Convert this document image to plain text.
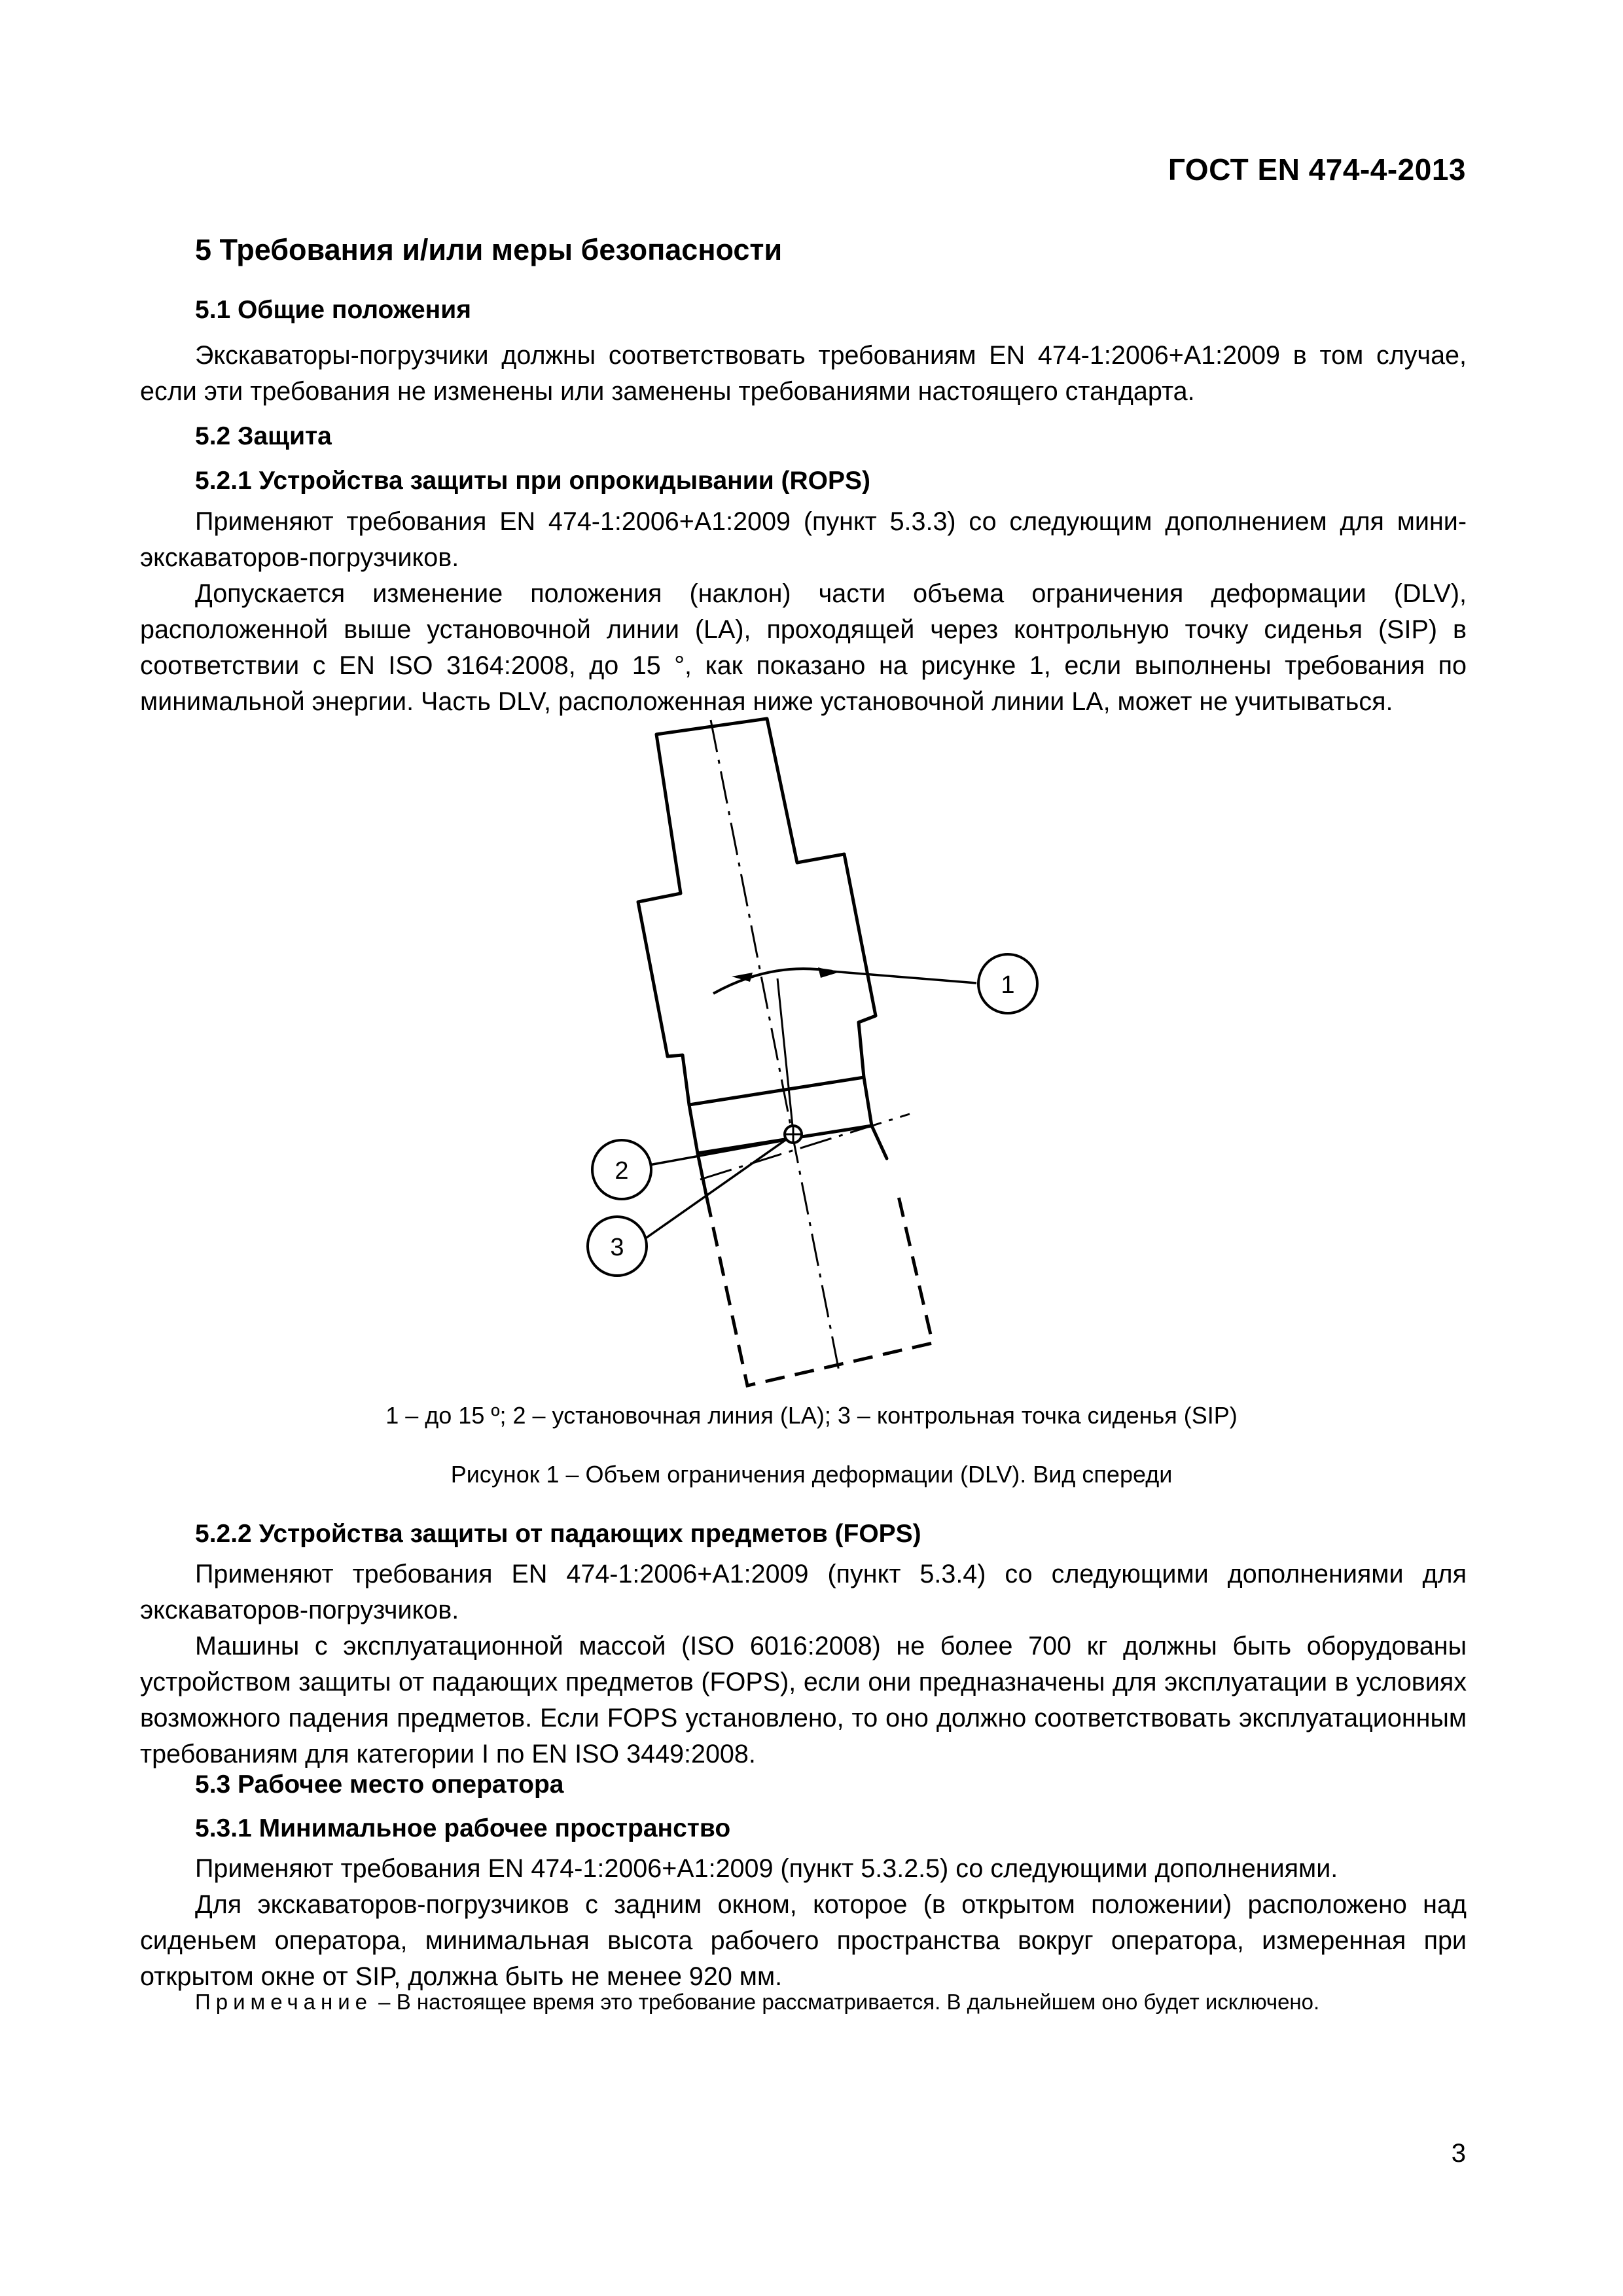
ГОСТ EN 474-4-2013
5 Требования и/или меры безопасности
5.1 Общие положения
Экскаваторы-погрузчики должны соответствовать требованиям EN 474-1:2006+A1:2009 в том случае, если эти требования не изменены или заменены требованиями настоящего стандарта.
5.2 Защита
5.2.1 Устройства защиты при опрокидывании (ROPS)
Применяют требования EN 474-1:2006+A1:2009 (пункт 5.3.3) со следующим дополнением для мини-экскаваторов-погрузчиков.
Допускается изменение положения (наклон) части объема ограничения деформации (DLV), расположенной выше установочной линии (LA), проходящей через контрольную точку сиденья (SIP) в соответствии с EN ISO 3164:2008, до 15 °, как показано на рисунке 1, если выполнены требования по минимальной энергии. Часть DLV, расположенная ниже установочной линии LA, может не учитываться.
1
2
3
1 – до 15 º; 2 – установочная линия (LA); 3 – контрольная точка сиденья (SIP)
Рисунок 1 – Объем ограничения деформации (DLV). Вид спереди
5.2.2 Устройства защиты от падающих предметов (FOPS)
Применяют требования EN 474-1:2006+A1:2009 (пункт 5.3.4) со следующими дополнениями для экскаваторов-погрузчиков.
Машины с эксплуатационной массой (ISO 6016:2008) не более 700 кг должны быть оборудованы устройством защиты от падающих предметов (FOPS), если они предназначены для эксплуатации в условиях возможного падения предметов. Если FOPS установлено, то оно должно соответствовать эксплуатационным требованиям для категории I по EN ISO 3449:2008.
5.3 Рабочее место оператора
5.3.1 Минимальное рабочее пространство
Применяют требования EN 474-1:2006+A1:2009 (пункт 5.3.2.5) со следующими дополнениями.
Для экскаваторов-погрузчиков с задним окном, которое (в открытом положении) расположено над сиденьем оператора, минимальная высота рабочего пространства вокруг оператора, измеренная при открытом окне от SIP, должна быть не менее 920 мм.
Примечание – В настоящее время это требование рассматривается. В дальнейшем оно будет исключено.
3
